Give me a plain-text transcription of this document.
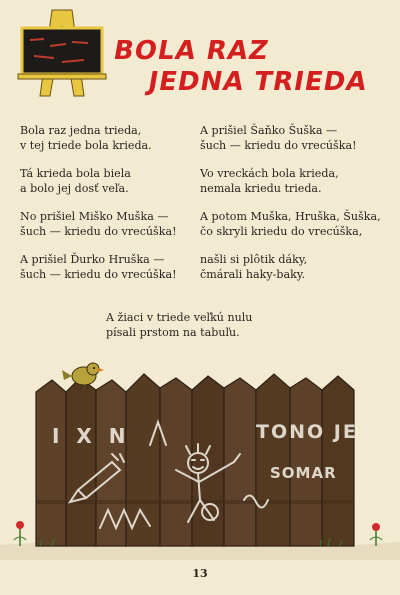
BOLA RAZ
JEDNA TRIEDA
Bola raz jedna trieda,
v tej triede bola krieda.
Tá krieda bola biela
a bolo jej dosť veľa.
No prišiel Miško Muška —
šuch — kriedu do vrecúška!
A prišiel Ďurko Hruška —
šuch — kriedu do vrecúška!
A prišiel Šaňko Šuška —
šuch — kriedu do vrecúška!
Vo vreckách bola krieda,
nemala kriedu trieda.
A potom Muška, Hruška, Šuška,
čo skryli kriedu do vrecúška,
našli si plôtik dáky,
čmárali haky-baky.
A žiaci v triede veľkú nulu
písali prstom na tabuľu.
I X N	TONO JE
SOMAR
13
